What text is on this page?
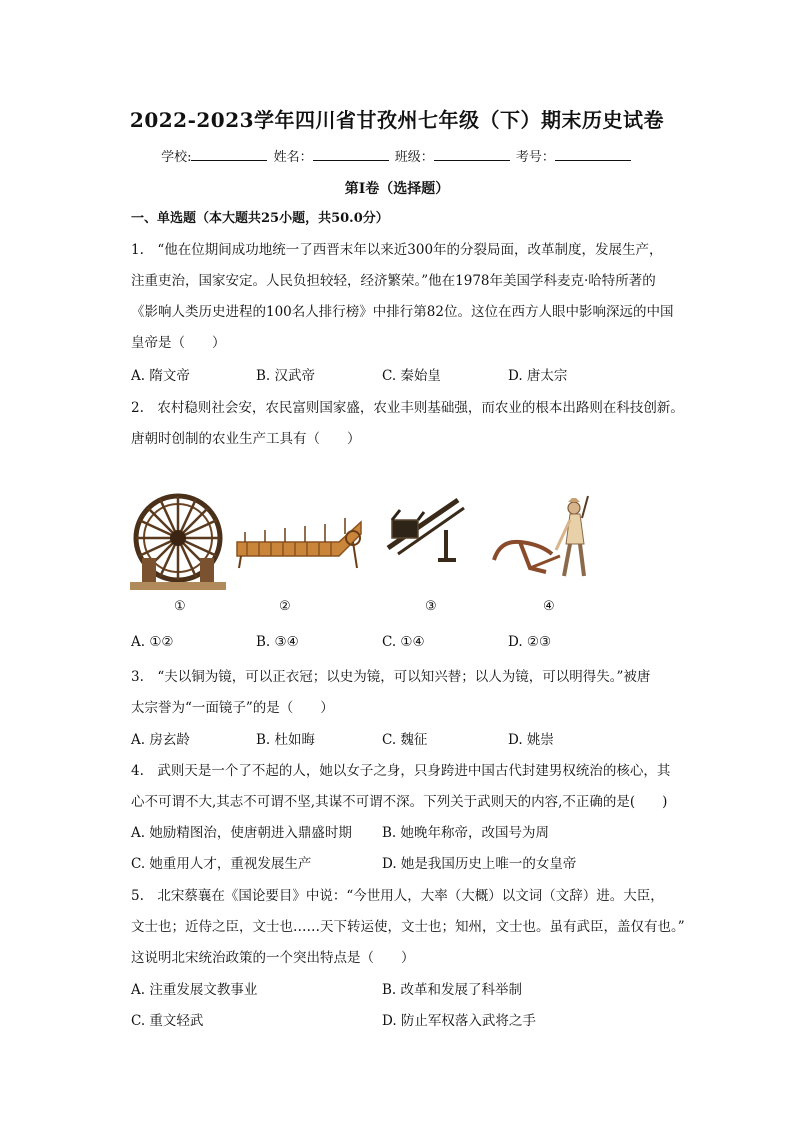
2022-2023学年四川省甘孜州七年级（下）期末历史试卷
学校:	姓名：	班级：	考号：
第I卷（选择题）
一、单选题（本大题共25小题，共50.0分）
1.　“他在位期间成功地统一了西晋末年以来近300年的分裂局面，改革制度，发展生产，
注重吏治，国家安定。人民负担较轻，经济繁荣。”他在1978年美国学科麦克·哈特所著的
《影响人类历史进程的100名人排行榜》中排行第82位。这位在西方人眼中影响深远的中国
皇帝是（　　）
A. 隋文帝	B. 汉武帝	C. 秦始皇	D. 唐太宗
2.　农村稳则社会安，农民富则国家盛，农业丰则基础强，而农业的根本出路则在科技创新。
唐朝时创制的农业生产工具有（　　）
①	②	③	④
A. ①②	B. ③④	C. ①④	D. ②③
3.　“夫以铜为镜，可以正衣冠；以史为镜，可以知兴替；以人为镜，可以明得失。”被唐
太宗誉为“一面镜子”的是（　　）
A. 房玄龄	B. 杜如晦	C. 魏征	D. 姚崇
4.　武则天是一个了不起的人，她以女子之身，只身跨进中国古代封建男权统治的核心，其
心不可谓不大,其志不可谓不坚,其谋不可谓不深。下列关于武则天的内容,不正确的是(　　)
A. 她励精图治，使唐朝进入鼎盛时期 B. 她晚年称帝，改国号为周
C. 她重用人才，重视发展生产	D. 她是我国历史上唯一的女皇帝
5.　北宋蔡襄在《国论要目》中说：“今世用人，大率（大概）以文词（文辞）进。大臣，
文士也；近侍之臣，文士也……天下转运使，文士也；知州，文士也。虽有武臣，盖仅有也。”
这说明北宋统治政策的一个突出特点是（　　）
A. 注重发展文教事业	B. 改革和发展了科举制
C. 重文轻武	D. 防止军权落入武将之手
